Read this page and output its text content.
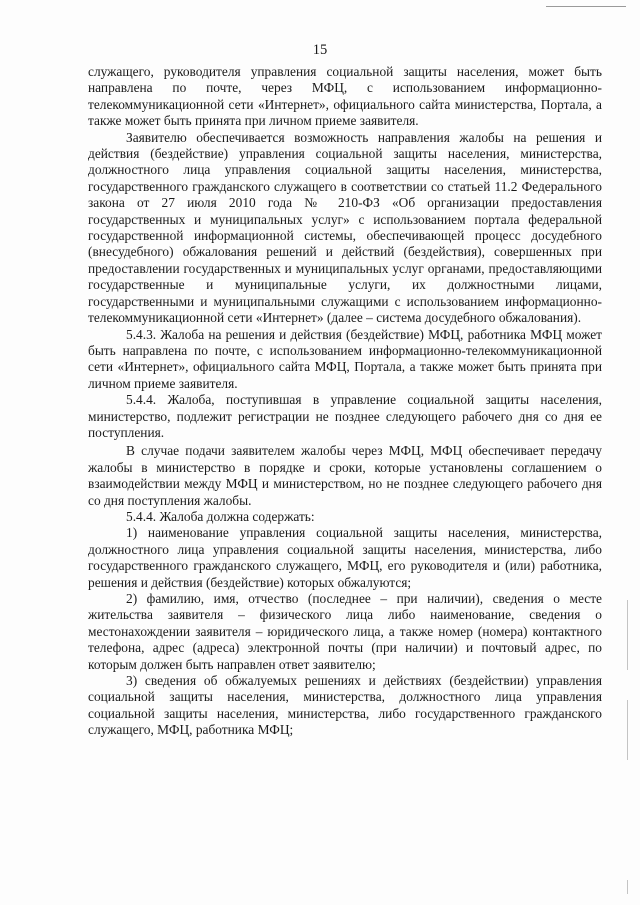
15

служащего, руководителя управления социальной защиты населения, может быть направлена по почте, через МФЦ, с использованием информационно-телекоммуникационной сети «Интернет», официального сайта министерства, Портала, а также может быть принята при личном приеме заявителя.

Заявителю обеспечивается возможность направления жалобы на решения и действия (бездействие) управления социальной защиты населения, министерства, должностного лица управления социальной защиты населения, министерства, государственного гражданского служащего в соответствии со статьей 11.2 Федерального закона от 27 июля 2010 года № 210-ФЗ «Об организации предоставления государственных и муниципальных услуг» с использованием портала федеральной государственной информационной системы, обеспечивающей процесс досудебного (внесудебного) обжалования решений и действий (бездействия), совершенных при предоставлении государственных и муниципальных услуг органами, предоставляющими государственные и муниципальные услуги, их должностными лицами, государственными и муниципальными служащими с использованием информационно-телекоммуникационной сети «Интернет» (далее – система досудебного обжалования).

5.4.3. Жалоба на решения и действия (бездействие) МФЦ, работника МФЦ может быть направлена по почте, с использованием информационно-телекоммуникационной сети «Интернет», официального сайта МФЦ, Портала, а также может быть принята при личном приеме заявителя.

5.4.4. Жалоба, поступившая в управление социальной защиты населения, министерство, подлежит регистрации не позднее следующего рабочего дня со дня ее поступления.

В случае подачи заявителем жалобы через МФЦ, МФЦ обеспечивает передачу жалобы в министерство в порядке и сроки, которые установлены соглашением о взаимодействии между МФЦ и министерством, но не позднее следующего рабочего дня со дня поступления жалобы.

5.4.4. Жалоба должна содержать:

1) наименование управления социальной защиты населения, министерства, должностного лица управления социальной защиты населения, министерства, либо государственного гражданского служащего, МФЦ, его руководителя и (или) работника, решения и действия (бездействие) которых обжалуются;

2) фамилию, имя, отчество (последнее – при наличии), сведения о месте жительства заявителя – физического лица либо наименование, сведения о местонахождении заявителя – юридического лица, а также номер (номера) контактного телефона, адрес (адреса) электронной почты (при наличии) и почтовый адрес, по которым должен быть направлен ответ заявителю;

3) сведения об обжалуемых решениях и действиях (бездействии) управления социальной защиты населения, министерства, должностного лица управления социальной защиты населения, министерства, либо государственного гражданского служащего, МФЦ, работника МФЦ;
